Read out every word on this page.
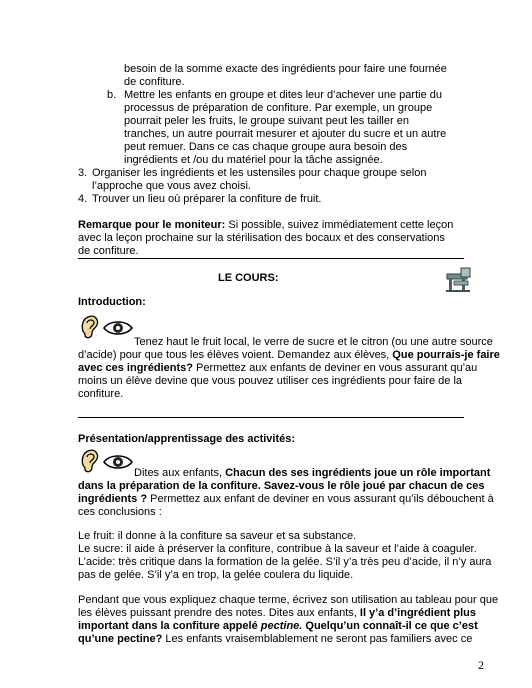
besoin de la somme exacte des ingrédients pour faire une fournée

de confiture.

b. Mettre les enfants en groupe et dites leur d’achever une partie du

processus de préparation de confiture. Par exemple, un groupe

pourrait peler les fruits, le groupe suivant peut les tailler en

tranches, un autre pourrait mesurer et ajouter du sucre et un autre

peut remuer. Dans ce cas chaque groupe aura besoin des

ingrédients et /ou du matériel pour la tâche assignée.

3. Organiser les ingrédients et les ustensiles pour chaque groupe selon

l’approche que vous avez choisi.

4. Trouver un lieu où préparer la confiture de fruit.

Remarque pour le moniteur: Si possible, suivez immédiatement cette leçon

avec la leçon prochaine sur la stérilisation des bocaux et des conservations

de confiture.

LE COURS:

Introduction:

Tenez haut le fruit local, le verre de sucre et le citron (ou une autre source

d’acide) pour que tous les élèves voient. Demandez aux élèves, Que pourrais-je faire

avec ces ingrédients? Permettez aux enfants de deviner en vous assurant qu’au

moins un élève devine que vous pouvez utiliser ces ingrédients pour faire de la

confiture.

Présentation/apprentissage des activités:

Dites aux enfants, Chacun des ses ingrédients joue un rôle important

dans la préparation de la confiture. Savez-vous le rôle joué par chacun de ces

ingrédients ? Permettez aux enfant de deviner en vous assurant qu’ils débouchent à

ces conclusions :

Le fruit: il donne à la confiture sa saveur et sa substance.

Le sucre: il aide à préserver la confiture, contribue à la saveur et l’aide à coaguler.

L’acide: très critique dans la formation de la gelée. S’il y’a très peu d’acide, il n’y aura

pas de gelée. S’il y’a en trop, la gelée coulera du liquide.

Pendant que vous expliquez chaque terme, écrivez son utilisation au tableau pour que

les élèves puissant prendre des notes. Dites aux enfants, Il y’a d’ingrédient plus

important dans la confiture appelé pectine. Quelqu’un connaît-il ce que c’est

qu’une pectine? Les enfants vraisemblablement ne seront pas familiers avec ce

2
